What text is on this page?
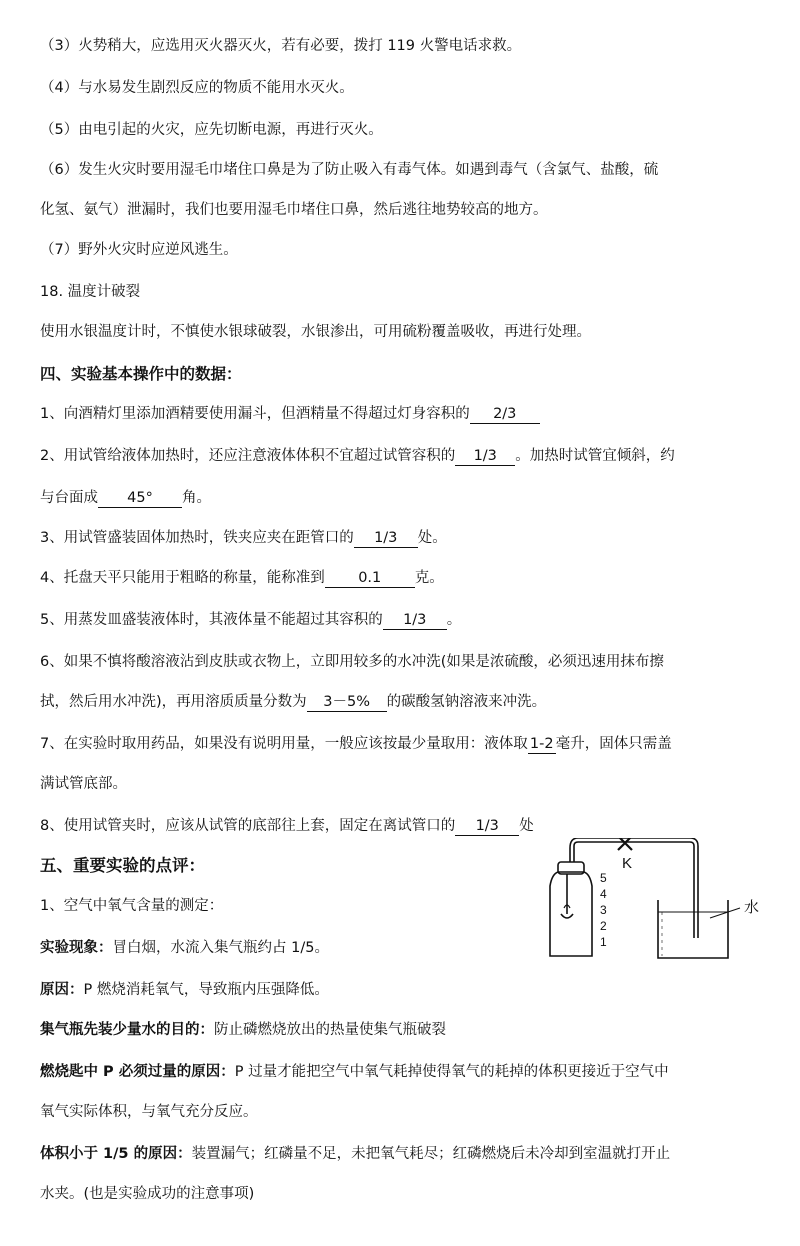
（3）火势稍大，应选用灭火器灭火，若有必要，拨打 119 火警电话求救。
（4）与水易发生剧烈反应的物质不能用水灭火。
（5）由电引起的火灾，应先切断电源，再进行灭火。
（6）发生火灾时要用湿毛巾堵住口鼻是为了防止吸入有毒气体。如遇到毒气（含氯气、盐酸，硫
化氢、氨气）泄漏时，我们也要用湿毛巾堵住口鼻，然后逃往地势较高的地方。
（7）野外火灾时应逆风逃生。
18. 温度计破裂
使用水银温度计时，不慎使水银球破裂，水银渗出，可用硫粉覆盖吸收，再进行处理。
四、实验基本操作中的数据：
1、向酒精灯里添加酒精要使用漏斗，但酒精量不得超过灯身容积的 2/3
2、用试管给液体加热时，还应注意液体体积不宜超过试管容积的 1/3 。加热时试管宜倾斜，约
与台面成 45° 角。
3、用试管盛装固体加热时，铁夹应夹在距管口的 1/3 处。
4、托盘天平只能用于粗略的称量，能称准到 0.1 克。
5、用蒸发皿盛装液体时，其液体量不能超过其容积的 1/3 。
6、如果不慎将酸溶液沾到皮肤或衣物上，立即用较多的水冲洗(如果是浓硫酸，必须迅速用抹布擦
拭，然后用水冲洗)，再用溶质质量分数为 3－5% 的碳酸氢钠溶液来冲洗。
7、在实验时取用药品，如果没有说明用量，一般应该按最少量取用：液体取 1-2 毫升，固体只需盖
满试管底部。
8、使用试管夹时，应该从试管的底部往上套，固定在离试管口的 1/3 处
五、重要实验的点评：
1、空气中氧气含量的测定：
实验现象：冒白烟，水流入集气瓶约占 1/5。
原因：P 燃烧消耗氧气，导致瓶内压强降低。
集气瓶先装少量水的目的：防止磷燃烧放出的热量使集气瓶破裂
燃烧匙中 P 必须过量的原因：P 过量才能把空气中氧气耗掉使得氧气的耗掉的体积更接近于空气中
氧气实际体积，与氧气充分反应。
体积小于 1/5 的原因：装置漏气；红磷量不足，未把氧气耗尽；红磷燃烧后未冷却到室温就打开止
水夹。(也是实验成功的注意事项)
K
水
5
4
3
2
1
